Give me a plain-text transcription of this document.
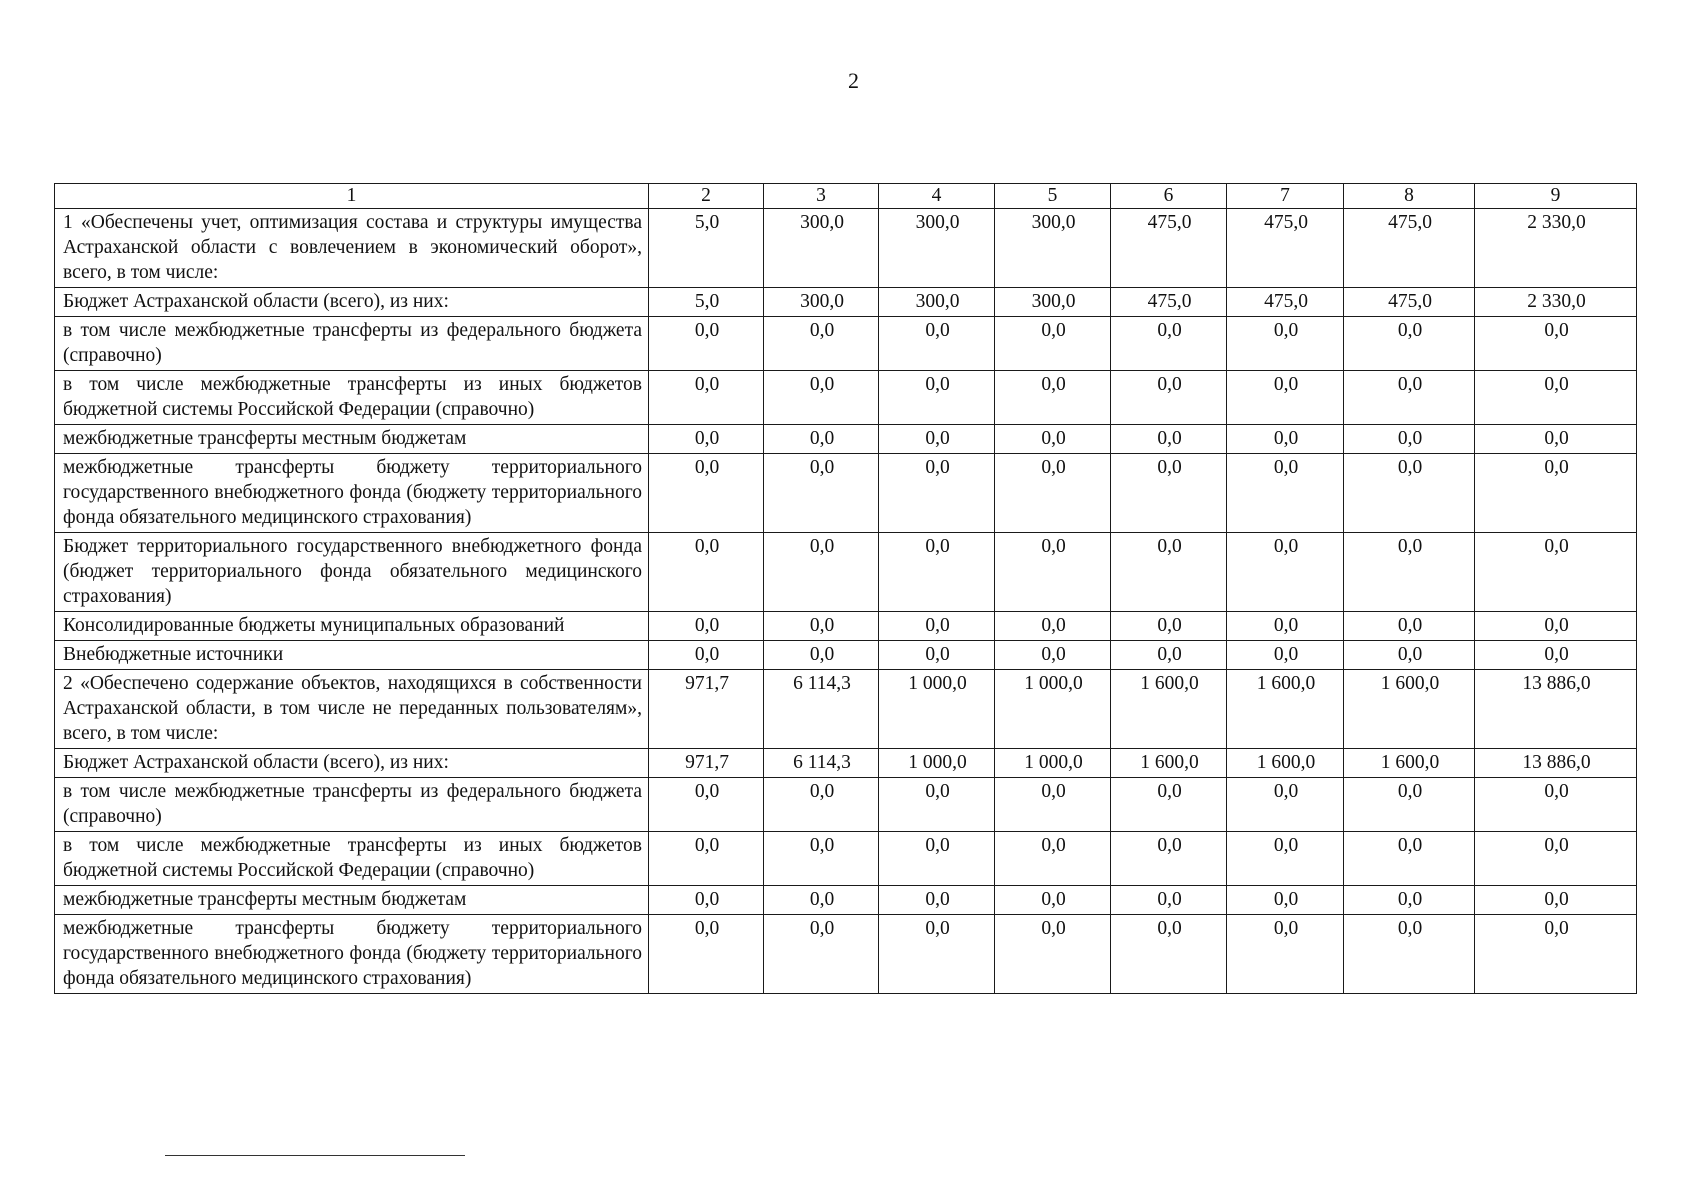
2
1	2	3	4	5	6	7	8	9
1 «Обеспечены учет, оптимизация состава и структуры имущества Астраханской области с вовлечением в экономический оборот», всего, в том числе:	5,0	300,0	300,0	300,0	475,0	475,0	475,0	2 330,0
Бюджет Астраханской области (всего), из них:	5,0	300,0	300,0	300,0	475,0	475,0	475,0	2 330,0
в том числе межбюджетные трансферты из федерального бюджета (справочно)	0,0	0,0	0,0	0,0	0,0	0,0	0,0	0,0
в том числе межбюджетные трансферты из иных бюджетов бюджетной системы Российской Федерации (справочно)	0,0	0,0	0,0	0,0	0,0	0,0	0,0	0,0
межбюджетные трансферты местным бюджетам	0,0	0,0	0,0	0,0	0,0	0,0	0,0	0,0
межбюджетные трансферты бюджету территориального государственного внебюджетного фонда (бюджету территориального фонда обязательного медицинского страхования)	0,0	0,0	0,0	0,0	0,0	0,0	0,0	0,0
Бюджет территориального государственного внебюджетного фонда (бюджет территориального фонда обязательного медицинского страхования)	0,0	0,0	0,0	0,0	0,0	0,0	0,0	0,0
Консолидированные бюджеты муниципальных образований	0,0	0,0	0,0	0,0	0,0	0,0	0,0	0,0
Внебюджетные источники	0,0	0,0	0,0	0,0	0,0	0,0	0,0	0,0
2 «Обеспечено содержание объектов, находящихся в собственности Астраханской области, в том числе не переданных пользователям», всего, в том числе:	971,7	6 114,3	1 000,0	1 000,0	1 600,0	1 600,0	1 600,0	13 886,0
Бюджет Астраханской области (всего), из них:	971,7	6 114,3	1 000,0	1 000,0	1 600,0	1 600,0	1 600,0	13 886,0
в том числе межбюджетные трансферты из федерального бюджета (справочно)	0,0	0,0	0,0	0,0	0,0	0,0	0,0	0,0
в том числе межбюджетные трансферты из иных бюджетов бюджетной системы Российской Федерации (справочно)	0,0	0,0	0,0	0,0	0,0	0,0	0,0	0,0
межбюджетные трансферты местным бюджетам	0,0	0,0	0,0	0,0	0,0	0,0	0,0	0,0
межбюджетные трансферты бюджету территориального государственного внебюджетного фонда (бюджету территориального фонда обязательного медицинского страхования)	0,0	0,0	0,0	0,0	0,0	0,0	0,0	0,0
